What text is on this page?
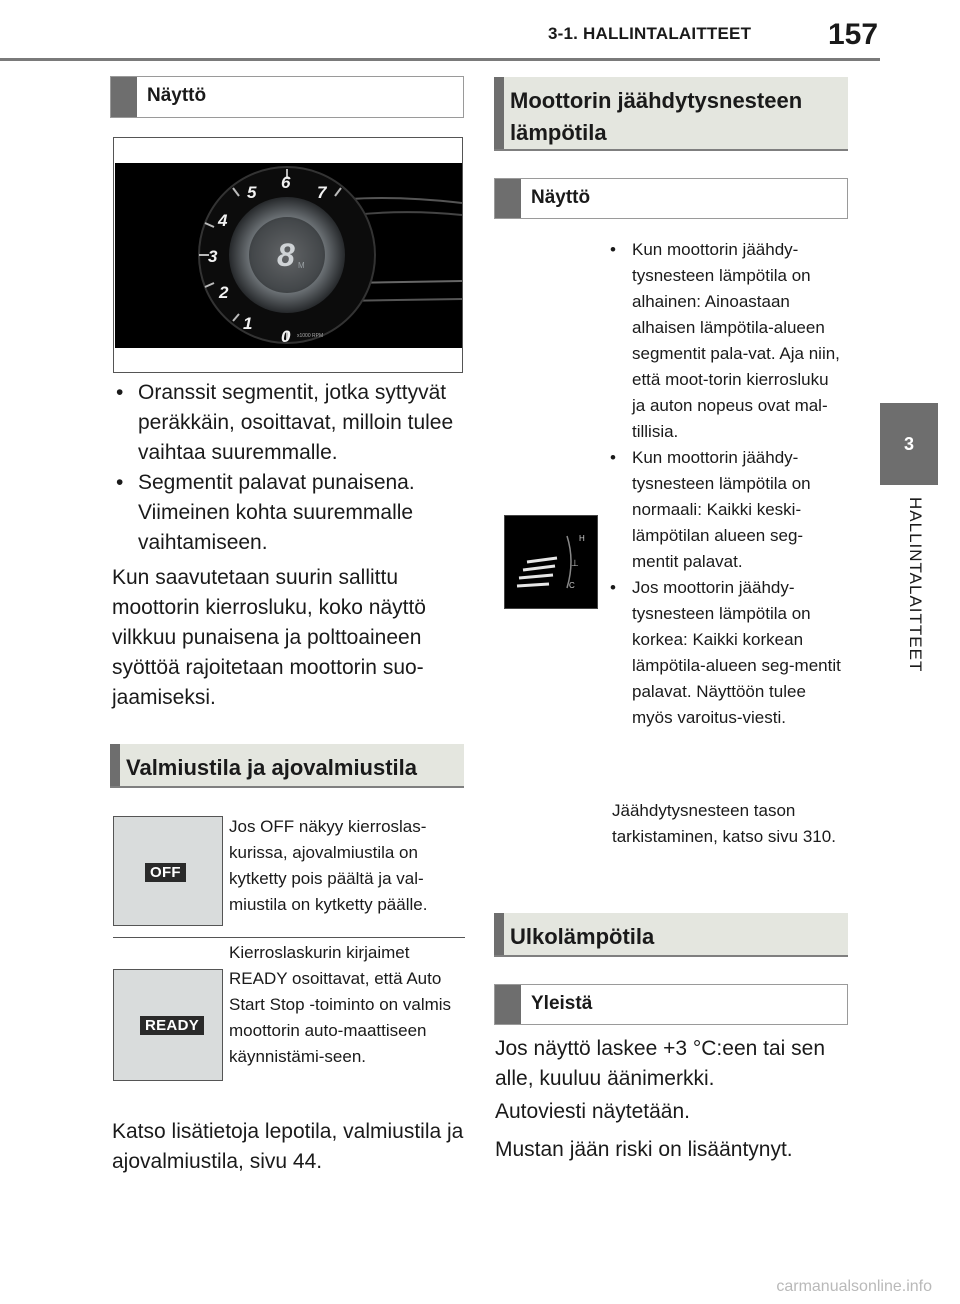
3-1. HALLINTALAITTEET	157
3
HALLINTALAITTEET
Näyttö
0
1
2
3
4
5
6
7
8 M
x1000 RPM
• Oranssit segmentit, jotka syttyvät peräkkäin, osoittavat, milloin tulee vaihtaa suuremmalle.
• Segmentit palavat punaisena. Viimeinen kohta suuremmalle vaihtamiseen.
Kun saavutetaan suurin sallittu moottorin kierrosluku, koko näyttö vilkkuu punaisena ja polttoaineen syöttöä rajoitetaan moottorin suo-jaamiseksi.
Valmiustila ja ajovalmiustila
OFF
Jos OFF näkyy kierroslas-kurissa, ajovalmiustila on kytketty pois päältä ja val-miustila on kytketty päälle.
READY
Kierroslaskurin kirjaimet READY osoittavat, että Auto Start Stop -toiminto on valmis moottorin auto-maattiseen käynnistämi-seen.
Katso lisätietoja lepotila, valmiustila ja ajovalmiustila, sivu 44.
Moottorin jäähdytysnesteen lämpötila
Näyttö
H
C
⊥
• Kun moottorin jäähdy-tysnesteen lämpötila on alhainen: Ainoastaan alhaisen lämpötila-alueen segmentit pala-vat. Aja niin, että moot-torin kierrosluku ja auton nopeus ovat mal-tillisia.
• Kun moottorin jäähdy-tysnesteen lämpötila on normaali: Kaikki keski-lämpötilan alueen seg-mentit palavat.
• Jos moottorin jäähdy-tysnesteen lämpötila on korkea: Kaikki korkean lämpötila-alueen seg-mentit palavat. Näyttöön tulee myös varoitus-viesti.
Jäähdytysnesteen tason tarkistaminen, katso sivu 310.
Ulkolämpötila
Yleistä
Jos näyttö laskee +3 °C:een tai sen alle, kuuluu äänimerkki.
Autoviesti näytetään.
Mustan jään riski on lisääntynyt.
carmanualsonline.info
